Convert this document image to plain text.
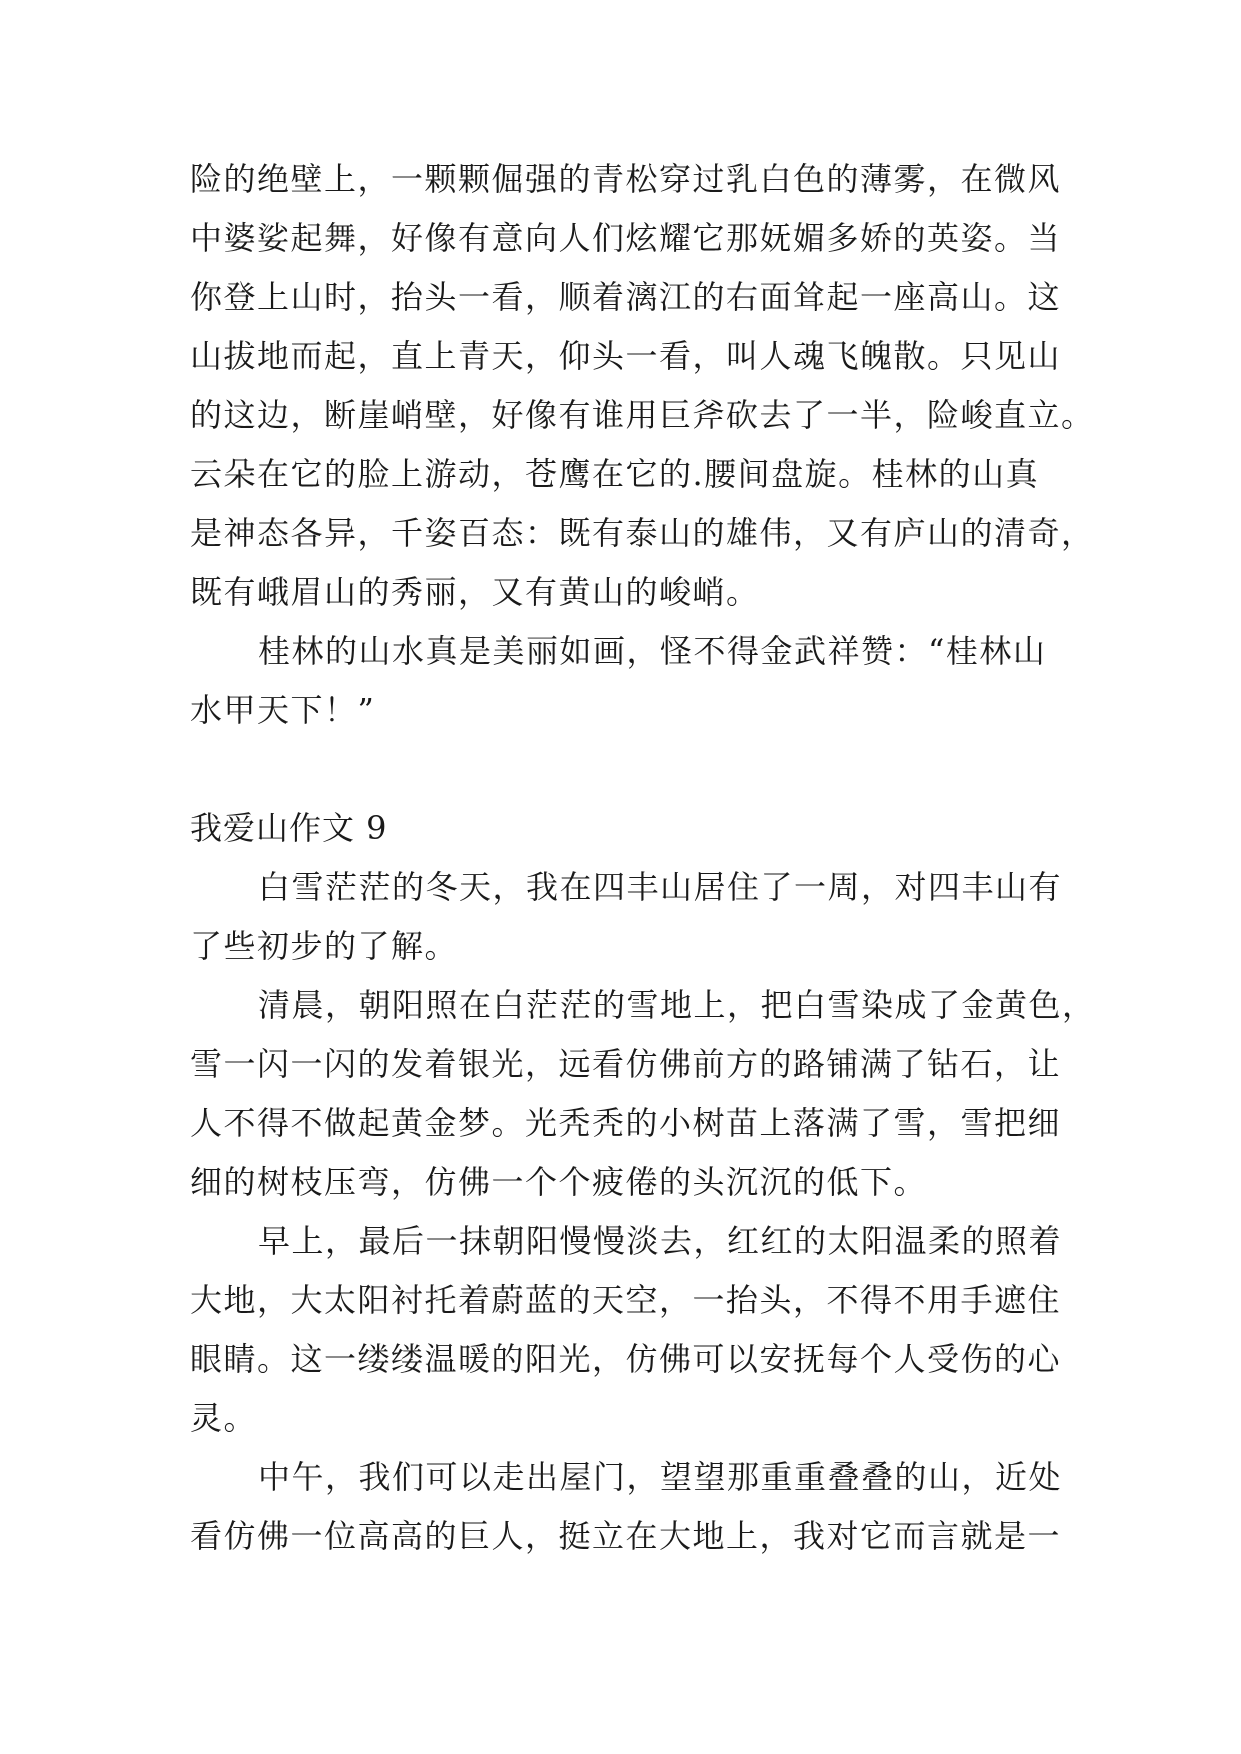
险的绝壁上，一颗颗倔强的青松穿过乳白色的薄雾，在微风
中婆娑起舞，好像有意向人们炫耀它那妩媚多娇的英姿。当
你登上山时，抬头一看，顺着漓江的右面耸起一座高山。这
山拔地而起，直上青天，仰头一看，叫人魂飞魄散。只见山
的这边，断崖峭壁，好像有谁用巨斧砍去了一半，险峻直立。
云朵在它的脸上游动，苍鹰在它的.腰间盘旋。桂林的山真
是神态各异，千姿百态：既有泰山的雄伟，又有庐山的清奇，
既有峨眉山的秀丽，又有黄山的峻峭。

桂林的山水真是美丽如画，怪不得金武祥赞：“桂林山
水甲天下！”

我爱山作文 9

白雪茫茫的冬天，我在四丰山居住了一周，对四丰山有
了些初步的了解。

清晨，朝阳照在白茫茫的雪地上，把白雪染成了金黄色，
雪一闪一闪的发着银光，远看仿佛前方的路铺满了钻石，让
人不得不做起黄金梦。光秃秃的小树苗上落满了雪，雪把细
细的树枝压弯，仿佛一个个疲倦的头沉沉的低下。

早上，最后一抹朝阳慢慢淡去，红红的太阳温柔的照着
大地，大太阳衬托着蔚蓝的天空，一抬头，不得不用手遮住
眼睛。这一缕缕温暖的阳光，仿佛可以安抚每个人受伤的心
灵。

中午，我们可以走出屋门，望望那重重叠叠的山，近处
看仿佛一位高高的巨人，挺立在大地上，我对它而言就是一
